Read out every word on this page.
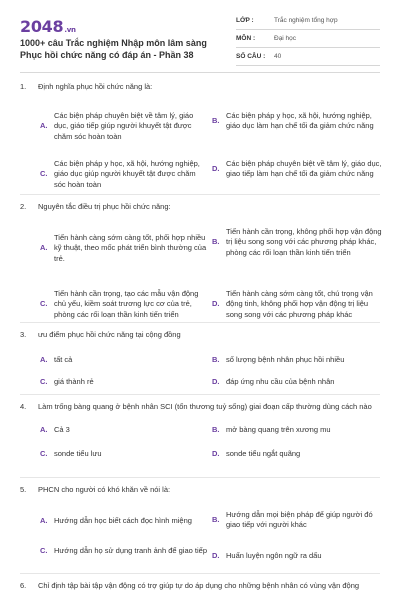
2048.vn
1000+ câu Trắc nghiệm Nhập môn lâm sàng Phục hồi chức năng có đáp án - Phần 38
LỚP :	Trắc nghiệm tổng hợp
MÔN :	Đại học
SỐ CÂU :	40
1.	Định nghĩa phục hồi chức năng là:
A.
Các biện pháp chuyên biệt về tâm lý, giáo dục, giáo tiếp giúp người khuyết tật được chăm sóc hoàn toàn
B.
Các biện pháp y học, xã hội, hướng nghiệp, giáo dục làm hạn chế tối đa giảm chức năng
C.
Các biện pháp y học, xã hội, hướng nghiệp, giáo dục giúp người khuyết tật được chăm sóc hoàn toàn
D.
Các biện pháp chuyên biệt về tâm lý, giáo dục, giao tiếp làm hạn chế tối đa giảm chức năng
2.	Nguyên tắc điều trị phục hồi chức năng:
A.
Tiến hành càng sớm càng tốt, phối hợp nhiều kỹ thuật, theo mốc phát triển bình thường của trẻ.
B.
Tiến hành cần trọng, không phối hợp vận động trị liệu song song với các phương pháp khác, phòng các rối loạn thần kinh tiến triển
C.
Tiến hành cần trọng, tạo các mẫu vận động chủ yếu, kiềm soát trương lực cơ của trẻ, phòng các rối loạn thần kinh tiến triển
D.
Tiến hành càng sớm càng tốt, chú trọng vận động tinh, không phối hợp vận động trị liệu song song với các phương pháp khác
3.	ưu điểm phục hồi chức năng tại cộng đồng
A. tất cả	B. số lượng bệnh nhân phục hồi nhiều
C. giá thành rẻ	D. đáp ứng nhu cầu của bệnh nhân
4.	Làm trống bàng quang ở bệnh nhân SCI (tổn thương tuỷ sống) giai đoạn cấp thường dùng cách nào
A. Cả 3	B. mở bàng quang trên xương mu
C. sonde tiểu lưu	D. sonde tiểu ngắt quãng
5.	PHCN cho người có khó khăn về nói là:
A. Hướng dẫn học biết cách đọc hình miệng	B.
Hướng dẫn mọi biện pháp để giúp người đó giao tiếp với người khác
C. Hướng dẫn họ sử dụng tranh ảnh để giao tiếp
D. Huấn luyện ngôn ngữ ra dấu
6.	Chỉ định tập bài tập vận động có trợ giúp tự do áp dụng cho những bệnh nhân có vùng vận động
